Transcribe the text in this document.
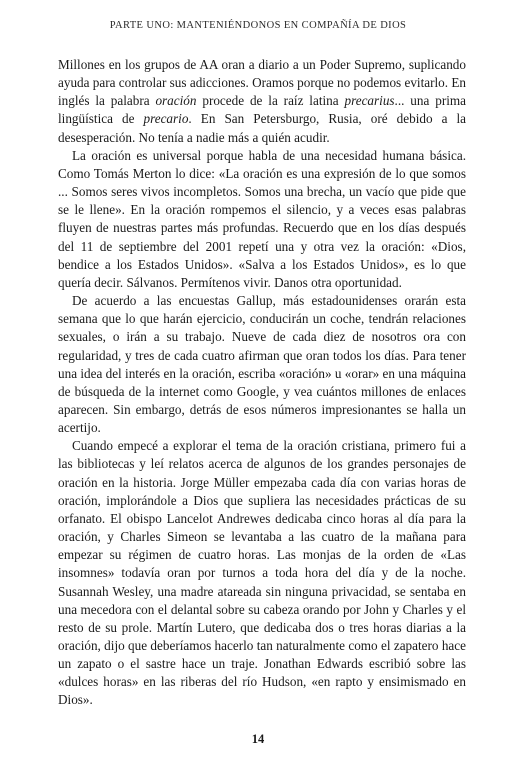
PARTE UNO: MANTENIÉNDONOS EN COMPAÑÍA DE DIOS

Millones en los grupos de AA oran a diario a un Poder Supremo, suplicando ayuda para controlar sus adicciones. Oramos porque no podemos evitarlo. En inglés la palabra oración procede de la raíz latina precarius... una prima lingüística de precario. En San Petersburgo, Rusia, oré debido a la desesperación. No tenía a nadie más a quién acudir.

La oración es universal porque habla de una necesidad humana básica. Como Tomás Merton lo dice: «La oración es una expresión de lo que somos ... Somos seres vivos incompletos. Somos una brecha, un vacío que pide que se le llene». En la oración rompemos el silencio, y a veces esas palabras fluyen de nuestras partes más profundas. Recuerdo que en los días después del 11 de septiembre del 2001 repetí una y otra vez la oración: «Dios, bendice a los Estados Unidos». «Salva a los Estados Unidos», es lo que quería decir. Sálvanos. Permítenos vivir. Danos otra oportunidad.

De acuerdo a las encuestas Gallup, más estadounidenses orarán esta semana que lo que harán ejercicio, conducirán un coche, tendrán relaciones sexuales, o irán a su trabajo. Nueve de cada diez de nosotros ora con regularidad, y tres de cada cuatro afirman que oran todos los días. Para tener una idea del interés en la oración, escriba «oración» u «orar» en una máquina de búsqueda de la internet como Google, y vea cuántos millones de enlaces aparecen. Sin embargo, detrás de esos números impresionantes se halla un acertijo.

Cuando empecé a explorar el tema de la oración cristiana, primero fui a las bibliotecas y leí relatos acerca de algunos de los grandes personajes de oración en la historia. Jorge Müller empezaba cada día con varias horas de oración, implorándole a Dios que supliera las necesidades prácticas de su orfanato. El obispo Lancelot Andrewes dedicaba cinco horas al día para la oración, y Charles Simeon se levantaba a las cuatro de la mañana para empezar su régimen de cuatro horas. Las monjas de la orden de «Las insomnes» todavía oran por turnos a toda hora del día y de la noche. Susannah Wesley, una madre atareada sin ninguna privacidad, se sentaba en una mecedora con el delantal sobre su cabeza orando por John y Charles y el resto de su prole. Martín Lutero, que dedicaba dos o tres horas diarias a la oración, dijo que deberíamos hacerlo tan naturalmente como el zapatero hace un zapato o el sastre hace un traje. Jonathan Edwards escribió sobre las «dulces horas» en las riberas del río Hudson, «en rapto y ensimismado en Dios».

14
